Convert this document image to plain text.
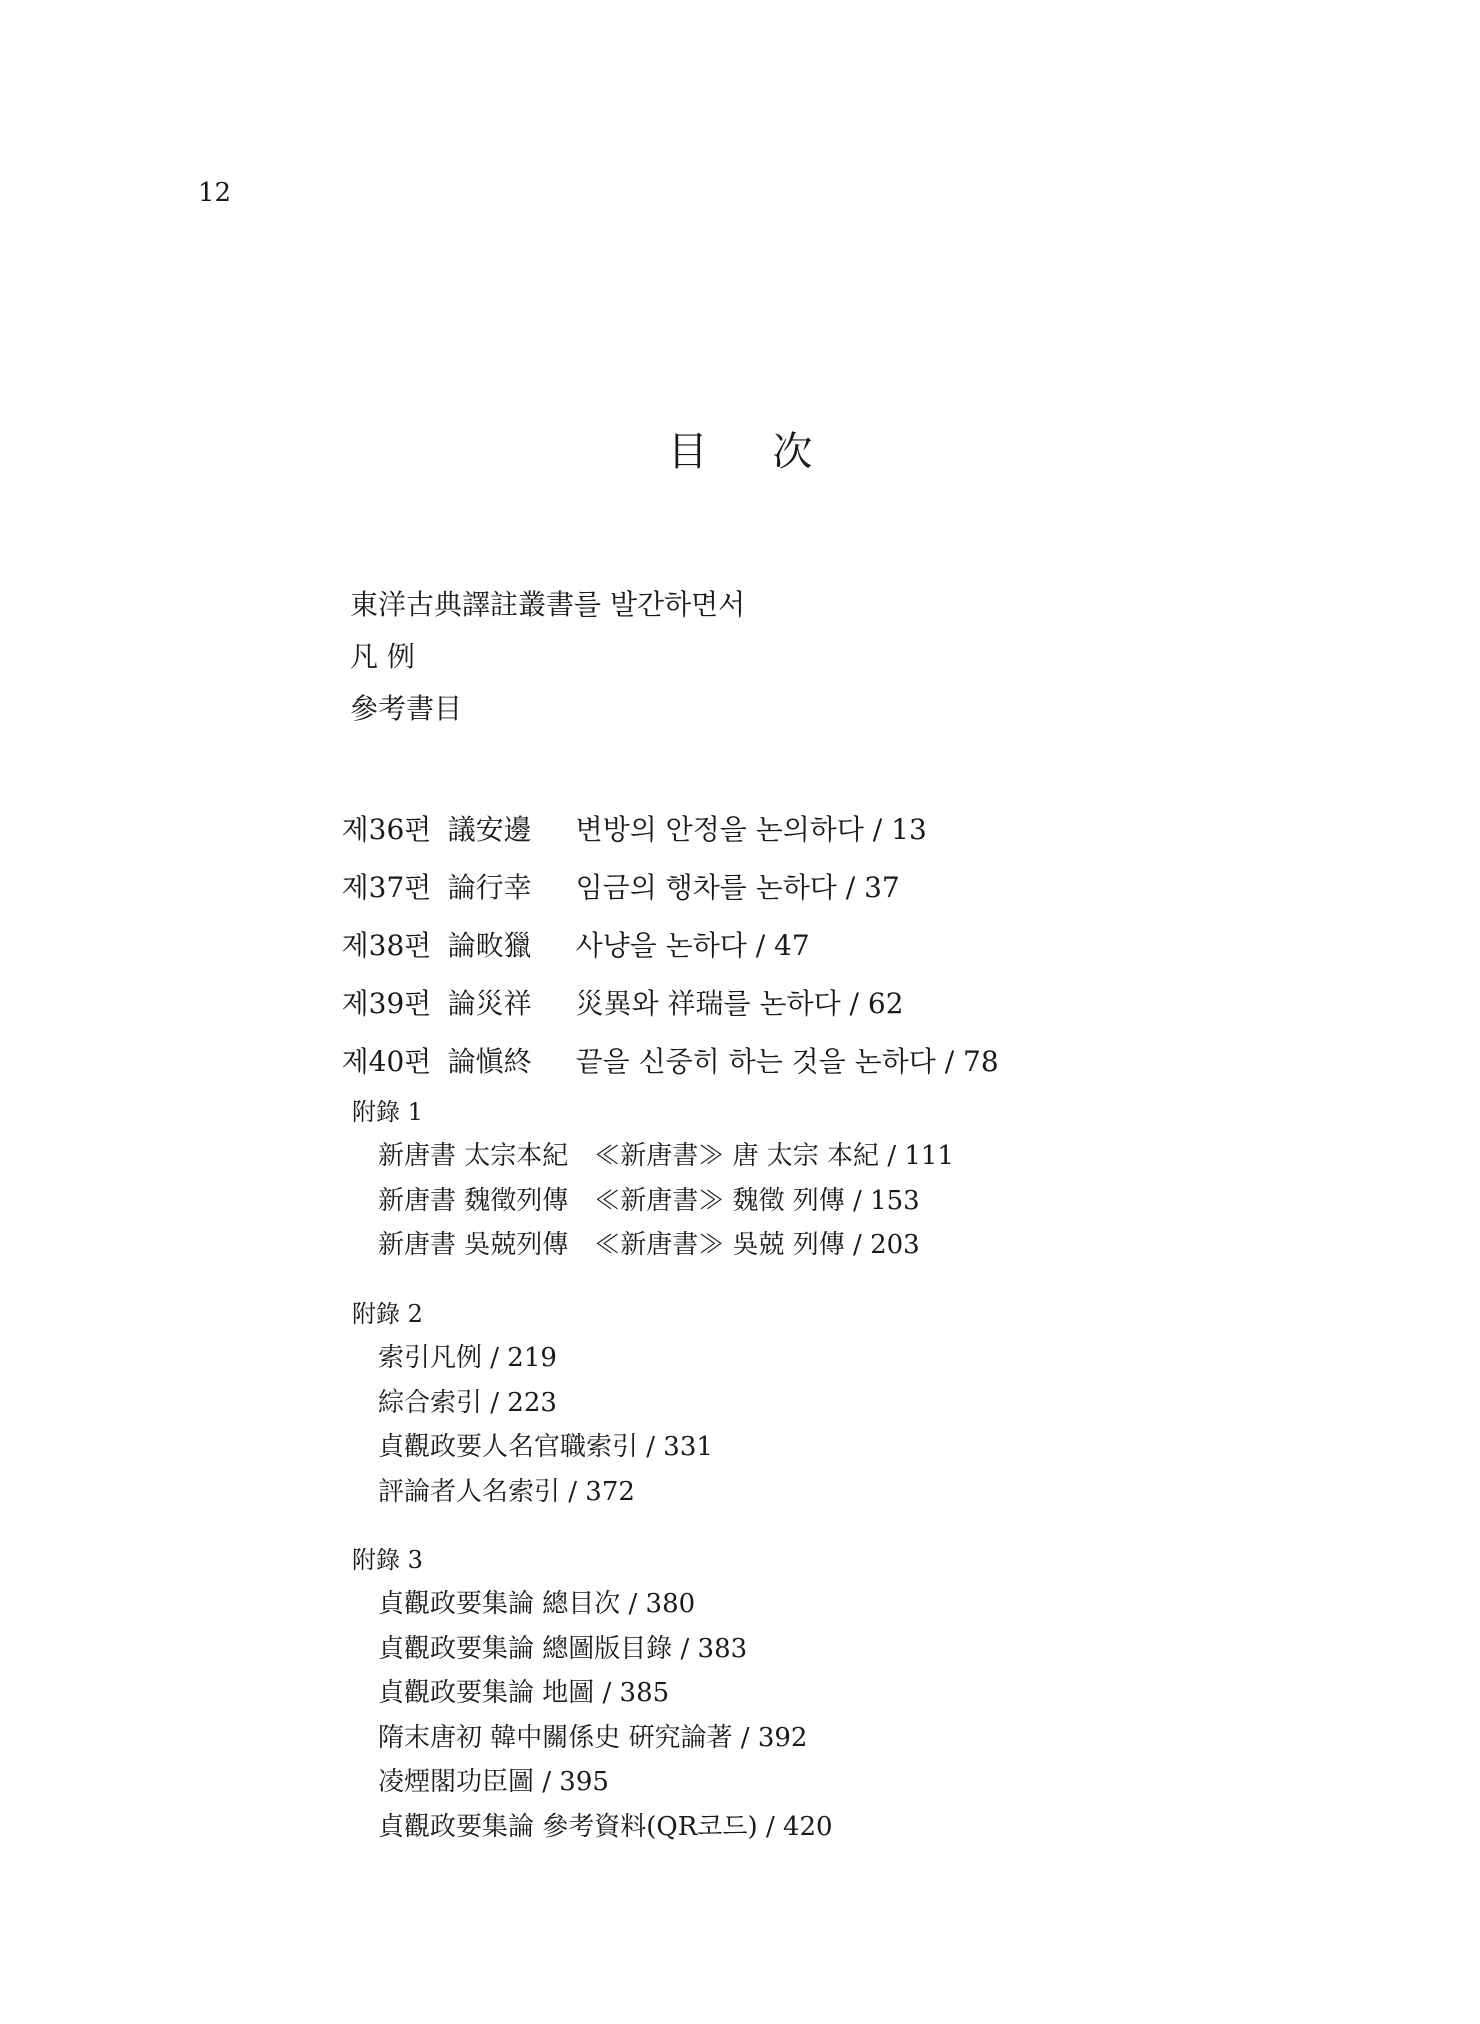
12
目 次
東洋古典譯註叢書를 발간하면서
凡 例
參考書目

제36편 議安邊 변방의 안정을 논의하다 / 13

제37편 論行幸 임금의 행차를 논하다 / 37

제38편 論畋獵 사냥을 논하다 / 47

제39편 論災祥 災異와 祥瑞를 논하다 / 62

제40편 論愼終 끝을 신중히 하는 것을 논하다 / 78

附錄 1
新唐書 太宗本紀　≪新唐書≫ 唐 太宗 本紀 / 111
新唐書 魏徵列傳　≪新唐書≫ 魏徵 列傳 / 153
新唐書 吳兢列傳　≪新唐書≫ 吳兢 列傳 / 203
附錄 2
索引凡例 / 219
綜合索引 / 223
貞觀政要人名官職索引 / 331
評論者人名索引 / 372
附錄 3
貞觀政要集論 總目次 / 380
貞觀政要集論 總圖版目錄 / 383
貞觀政要集論 地圖 / 385
隋末唐初 韓中關係史 硏究論著 / 392
凌煙閣功臣圖 / 395
貞觀政要集論 參考資料(QR코드) / 420
